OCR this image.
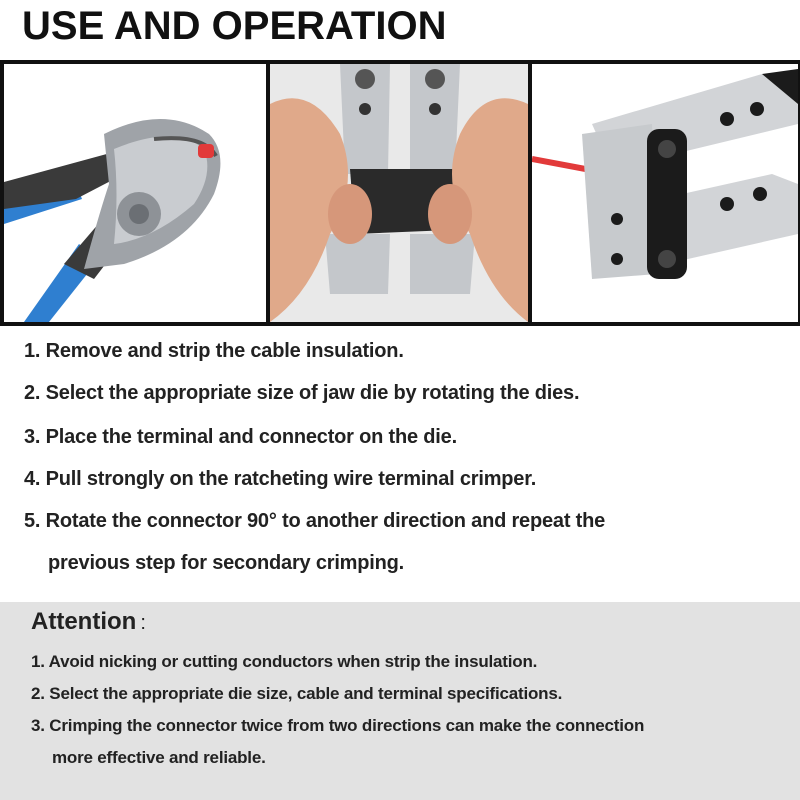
USE AND OPERATION
1. Remove and strip the cable insulation.
2. Select the appropriate size of jaw die by rotating the dies.
3. Place the terminal and connector on the die.
4. Pull strongly on the ratcheting wire terminal crimper.
5. Rotate the connector 90° to another direction and repeat the
previous step for secondary crimping.
Attention :
1. Avoid nicking or cutting conductors when strip the insulation.
2. Select the appropriate die size, cable and terminal specifications.
3. Crimping the connector twice from two directions can make the connection
more effective and reliable.
